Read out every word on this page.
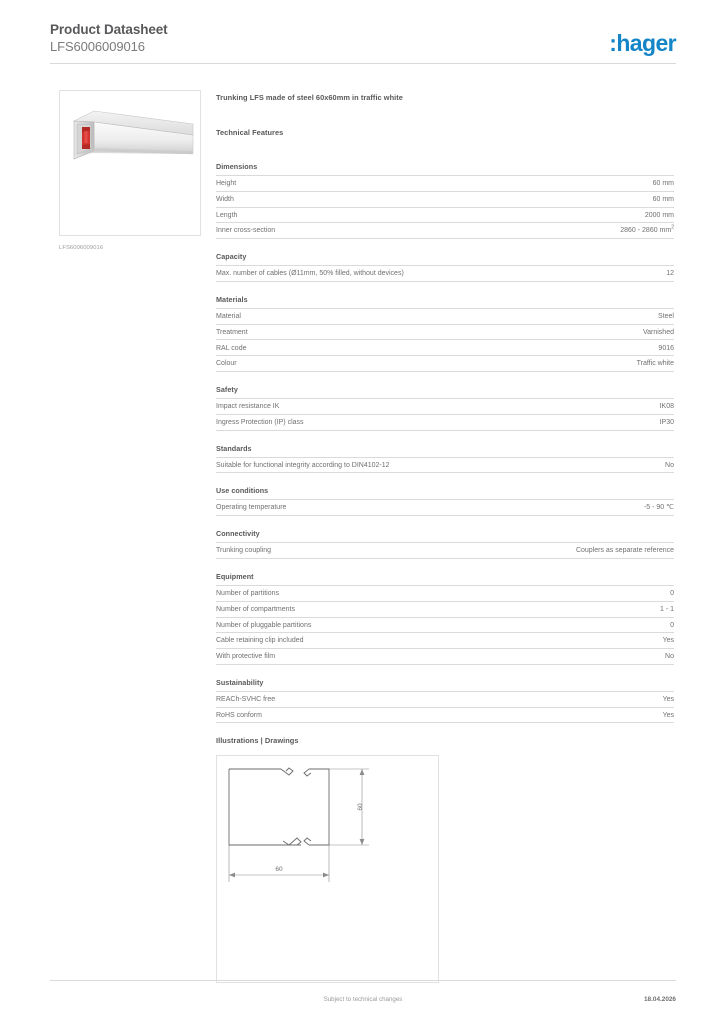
Product Datasheet
LFS6006009016	:hager
LFS6006009016
Trunking LFS made of steel 60x60mm in traffic white
Technical Features
Dimensions
Height	60 mm
Width	60 mm
Length	2000 mm
Inner cross-section	2860 - 2860 $mm^2$
Capacity
Max. number of cables (Ø11mm, 50% filled, without devices)	12
Materials
Material	Steel
Treatment	Varnished
RAL code	9016
Colour	Traffic white
Safety
Impact resistance IK	IK08
Ingress Protection (IP) class	IP30
Standards
Suitable for functional integrity according to DIN4102-12	No
Use conditions
Operating temperature	-5 - 90 ℃
Connectivity
Trunking coupling	Couplers as separate reference
Equipment
Number of partitions	0
Number of compartments	1 - 1
Number of pluggable partitions	0
Cable retaining clip included	Yes
With protective film	No
Sustainability
REACh-SVHC free	Yes
RoHS conform	Yes
Illustrations | Drawings
60
60
Subject to technical changes	18.04.2026
